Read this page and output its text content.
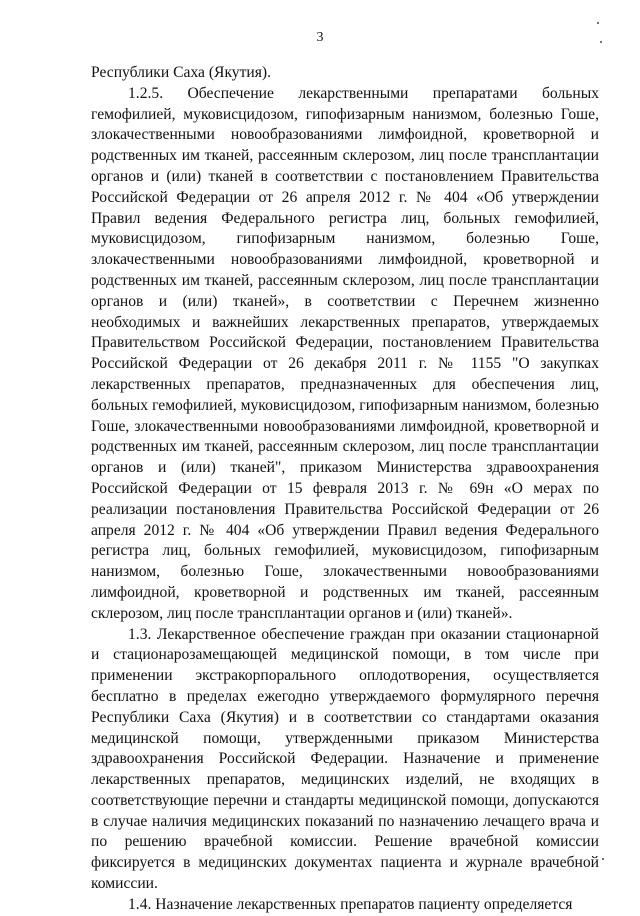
3

Республики Саха (Якутия).

1.2.5. Обеспечение лекарственными препаратами больных гемофилией, муковисцидозом, гипофизарным нанизмом, болезнью Гоше, злокачественными новообразованиями лимфоидной, кроветворной и родственных им тканей, рассеянным склерозом, лиц после трансплантации органов и (или) тканей в соответствии с постановлением Правительства Российской Федерации от 26 апреля 2012 г. № 404 «Об утверждении Правил ведения Федерального регистра лиц, больных гемофилией, муковисцидозом, гипофизарным нанизмом, болезнью Гоше, злокачественными новообразованиями лимфоидной, кроветворной и родственных им тканей, рассеянным склерозом, лиц после трансплантации органов и (или) тканей», в соответствии с Перечнем жизненно необходимых и важнейших лекарственных препаратов, утверждаемых Правительством Российской Федерации, постановлением Правительства Российской Федерации от 26 декабря 2011 г. № 1155 "О закупках лекарственных препаратов, предназначенных для обеспечения лиц, больных гемофилией, муковисцидозом, гипофизарным нанизмом, болезнью Гоше, злокачественными новообразованиями лимфоидной, кроветворной и родственных им тканей, рассеянным склерозом, лиц после трансплантации органов и (или) тканей", приказом Министерства здравоохранения Российской Федерации от 15 февраля 2013 г. № 69н «О мерах по реализации постановления Правительства Российской Федерации от 26 апреля 2012 г. № 404 «Об утверждении Правил ведения Федерального регистра лиц, больных гемофилией, муковисцидозом, гипофизарным нанизмом, болезнью Гоше, злокачественными новообразованиями лимфоидной, кроветворной и родственных им тканей, рассеянным склерозом, лиц после трансплантации органов и (или) тканей».

1.3. Лекарственное обеспечение граждан при оказании стационарной и стационарозамещающей медицинской помощи, в том числе при применении экстракорпорального оплодотворения, осуществляется бесплатно в пределах ежегодно утверждаемого формулярного перечня Республики Саха (Якутия) и в соответствии со стандартами оказания медицинской помощи, утвержденными приказом Министерства здравоохранения Российской Федерации. Назначение и применение лекарственных препаратов, медицинских изделий, не входящих в соответствующие перечни и стандарты медицинской помощи, допускаются в случае наличия медицинских показаний по назначению лечащего врача и по решению врачебной комиссии. Решение врачебной комиссии фиксируется в медицинских документах пациента и журнале врачебной комиссии.

1.4. Назначение лекарственных препаратов пациенту определяется
